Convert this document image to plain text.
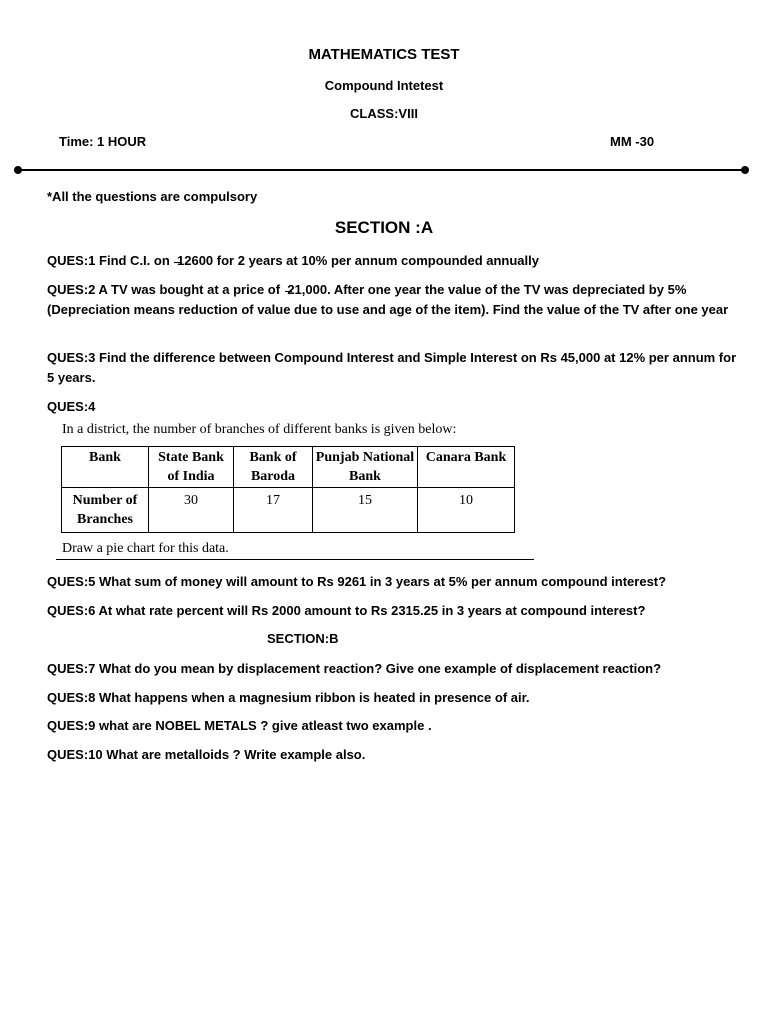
MATHEMATICS TEST
Compound Intetest
CLASS:VIII
Time: 1 HOUR	MM -30
*All the questions are compulsory
SECTION :A
QUES:1 Find C.I. on  12600 for 2 years at 10% per annum compounded annually
QUES:2 A TV was bought at a price of  21,000. After one year the value of the TV was depreciated by 5% (Depreciation means reduction of value due to use and age of the item). Find the value of the TV after one year
QUES:3 Find the difference between Compound Interest and Simple Interest on Rs 45,000 at 12% per annum for 5 years.
QUES:4
In a district, the number of branches of different banks is given below:
Bank	State Bank of India	Bank of Baroda	Punjab National Bank	Canara Bank
Number of Branches	30	17	15	10
Draw a pie chart for this data.
QUES:5 What sum of money will amount to Rs 9261 in 3 years at 5% per annum compound interest?
QUES:6 At what rate percent will Rs 2000 amount to Rs 2315.25 in 3 years at compound interest?
SECTION:B
QUES:7 What do you mean by displacement reaction? Give one example of displacement reaction?
QUES:8 What happens when a magnesium ribbon is heated in presence of air.
QUES:9 what are NOBEL METALS ? give atleast two example .
QUES:10 What are metalloids ? Write example also.
